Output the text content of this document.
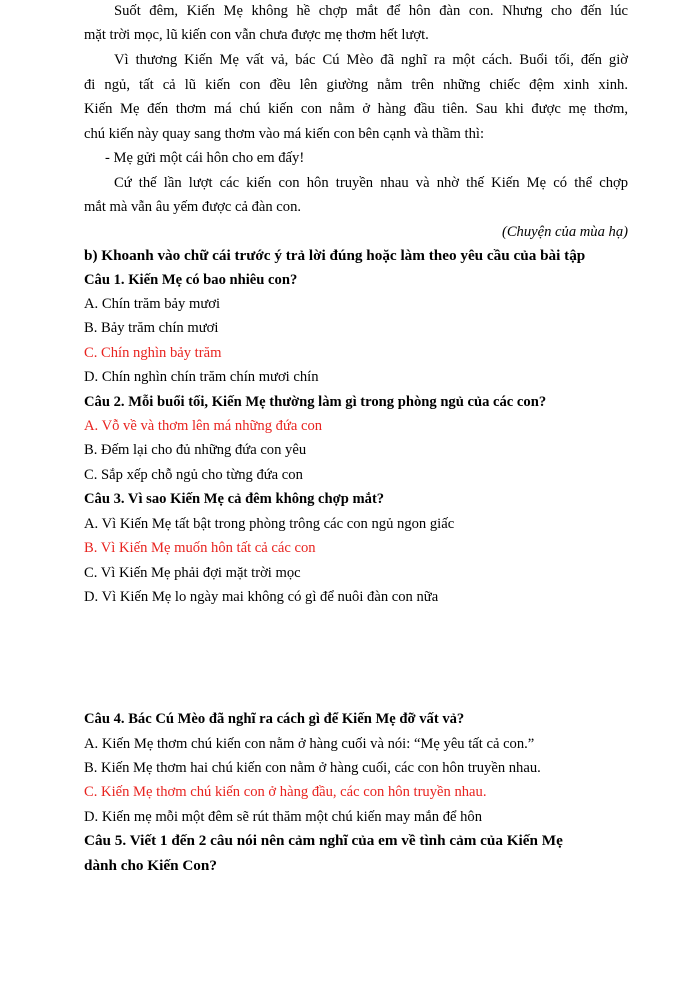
Suốt đêm, Kiến Mẹ không hề chợp mắt để hôn đàn con. Nhưng cho đến lúc
mặt trời mọc, lũ kiến con vẫn chưa được mẹ thơm hết lượt.
Vì thương Kiến Mẹ vất vả, bác Cú Mèo đã nghĩ ra một cách. Buổi tối, đến giờ
đi ngủ, tất cả lũ kiến con đều lên giường nằm trên những chiếc đệm xinh xinh.
Kiến Mẹ đến thơm má chú kiến con nằm ở hàng đầu tiên. Sau khi được mẹ thơm,
chú kiến này quay sang thơm vào má kiến con bên cạnh và thầm thì:
- Mẹ gửi một cái hôn cho em đấy!
Cứ thế lần lượt các kiến con hôn truyền nhau và nhờ thế Kiến Mẹ có thể chợp
mắt mà vẫn âu yếm được cả đàn con.
(Chuyện của mùa hạ)
b) Khoanh vào chữ cái trước ý trả lời đúng hoặc làm theo yêu cầu của bài tập
Câu 1. Kiến Mẹ có bao nhiêu con?
A. Chín trăm bảy mươi
B. Bảy trăm chín mươi
C. Chín nghìn bảy trăm
D. Chín nghìn chín trăm chín mươi chín
Câu 2. Mỗi buổi tối, Kiến Mẹ thường làm gì trong phòng ngủ của các con?
A. Vỗ về và thơm lên má những đứa con
B. Đếm lại cho đủ những đứa con yêu
C. Sắp xếp chỗ ngủ cho từng đứa con
Câu 3. Vì sao Kiến Mẹ cả đêm không chợp mắt?
A. Vì Kiến Mẹ tất bật trong phòng trông các con ngủ ngon giấc
B. Vì Kiến Mẹ muốn hôn tất cả các con
C. Vì Kiến Mẹ phải đợi mặt trời mọc
D. Vì Kiến Mẹ lo ngày mai không có gì để nuôi đàn con nữa
Câu 4. Bác Cú Mèo đã nghĩ ra cách gì để Kiến Mẹ đỡ vất vả?
A. Kiến Mẹ thơm chú kiến con nằm ở hàng cuối và nói: “Mẹ yêu tất cả con.”
B. Kiến Mẹ thơm hai chú kiến con nằm ở hàng cuối, các con hôn truyền nhau.
C. Kiến Mẹ thơm chú kiến con ở hàng đầu, các con hôn truyền nhau.
D. Kiến mẹ mỗi một đêm sẽ rút thăm một chú kiến may mắn để hôn
Câu 5. Viết 1 đến 2 câu nói nên cảm nghĩ của em về tình cảm của Kiến Mẹ
dành cho Kiến Con?
